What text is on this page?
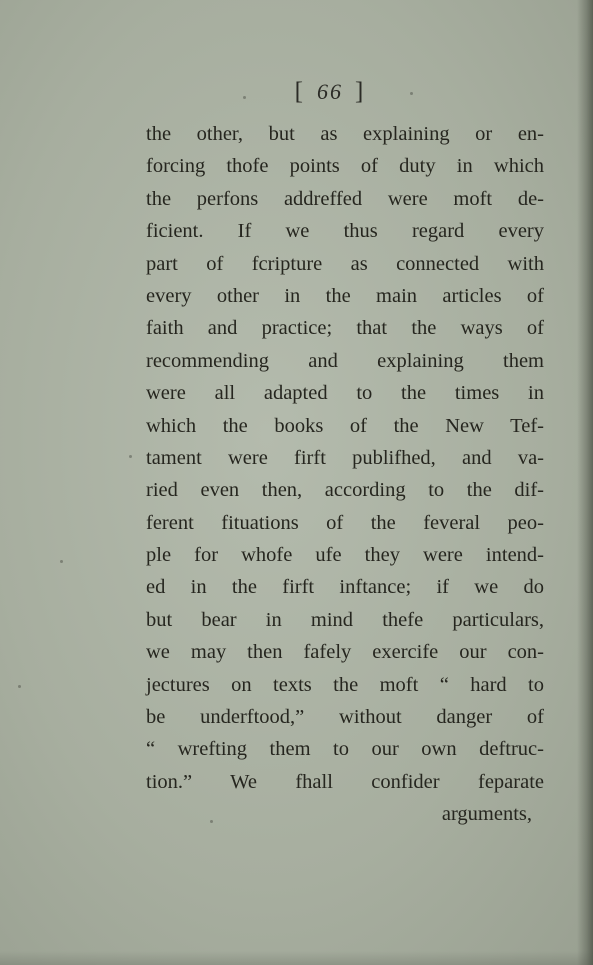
[ 66 ]
the other, but as explaining or en-
forcing thofe points of duty in which
the perfons addreffed were moft de-
ficient. If we thus regard every
part of fcripture as connected with
every other in the main articles of
faith and practice; that the ways of
recommending and explaining them
were all adapted to the times in
which the books of the New Tef-
tament were firft publifhed, and va-
ried even then, according to the dif-
ferent fituations of the feveral peo-
ple for whofe ufe they were intend-
ed in the firft inftance; if we do
but bear in mind thefe particulars,
we may then fafely exercife our con-
jectures on texts the moft “ hard to
be underftood,” without danger of
“ wrefting them to our own deftruc-
tion.” We fhall confider feparate
arguments,
